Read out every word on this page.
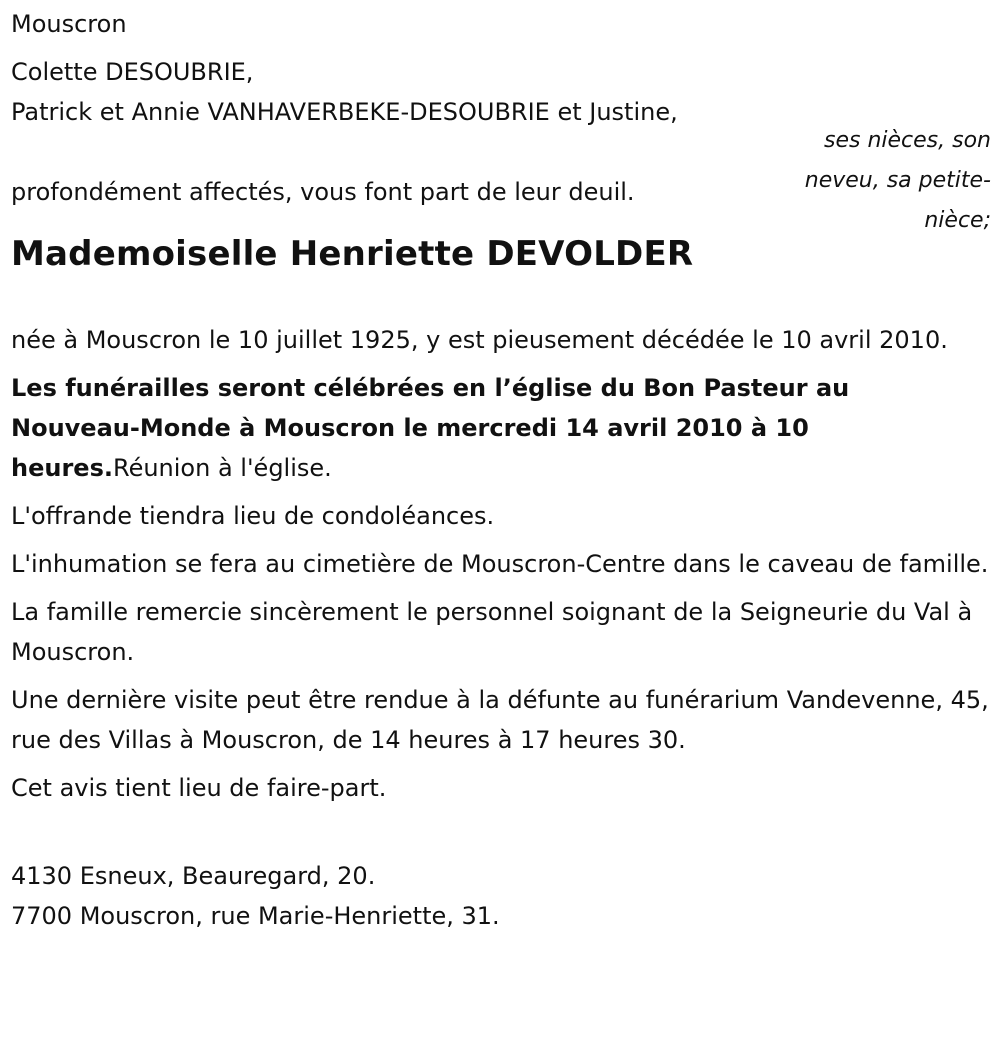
Mouscron

Colette DESOUBRIE,
Patrick et Annie VANHAVERBEKE-DESOUBRIE et Justine,
profondément affectés, vous font part de leur deuil.
Mademoiselle Henriette DEVOLDER

née à Mouscron le 10 juillet 1925, y est pieusement décédée le 10 avril 2010.

Les funérailles seront célébrées en l’église du Bon Pasteur au
Nouveau-Monde à Mouscron le mercredi 14 avril 2010 à 10
heures.Réunion à l'église.

L'offrande tiendra lieu de condoléances.

L'inhumation se fera au cimetière de Mouscron-Centre dans le caveau de famille.

La famille remercie sincèrement le personnel soignant de la Seigneurie du Val à Mouscron.

Une dernière visite peut être rendue à la défunte au funérarium Vandevenne, 45, rue des Villas à Mouscron, de 14 heures à 17 heures 30.

Cet avis tient lieu de faire-part.

4130 Esneux, Beauregard, 20.
7700 Mouscron, rue Marie-Henriette, 31.
ses nièces, son neveu, sa petite-nièce;
